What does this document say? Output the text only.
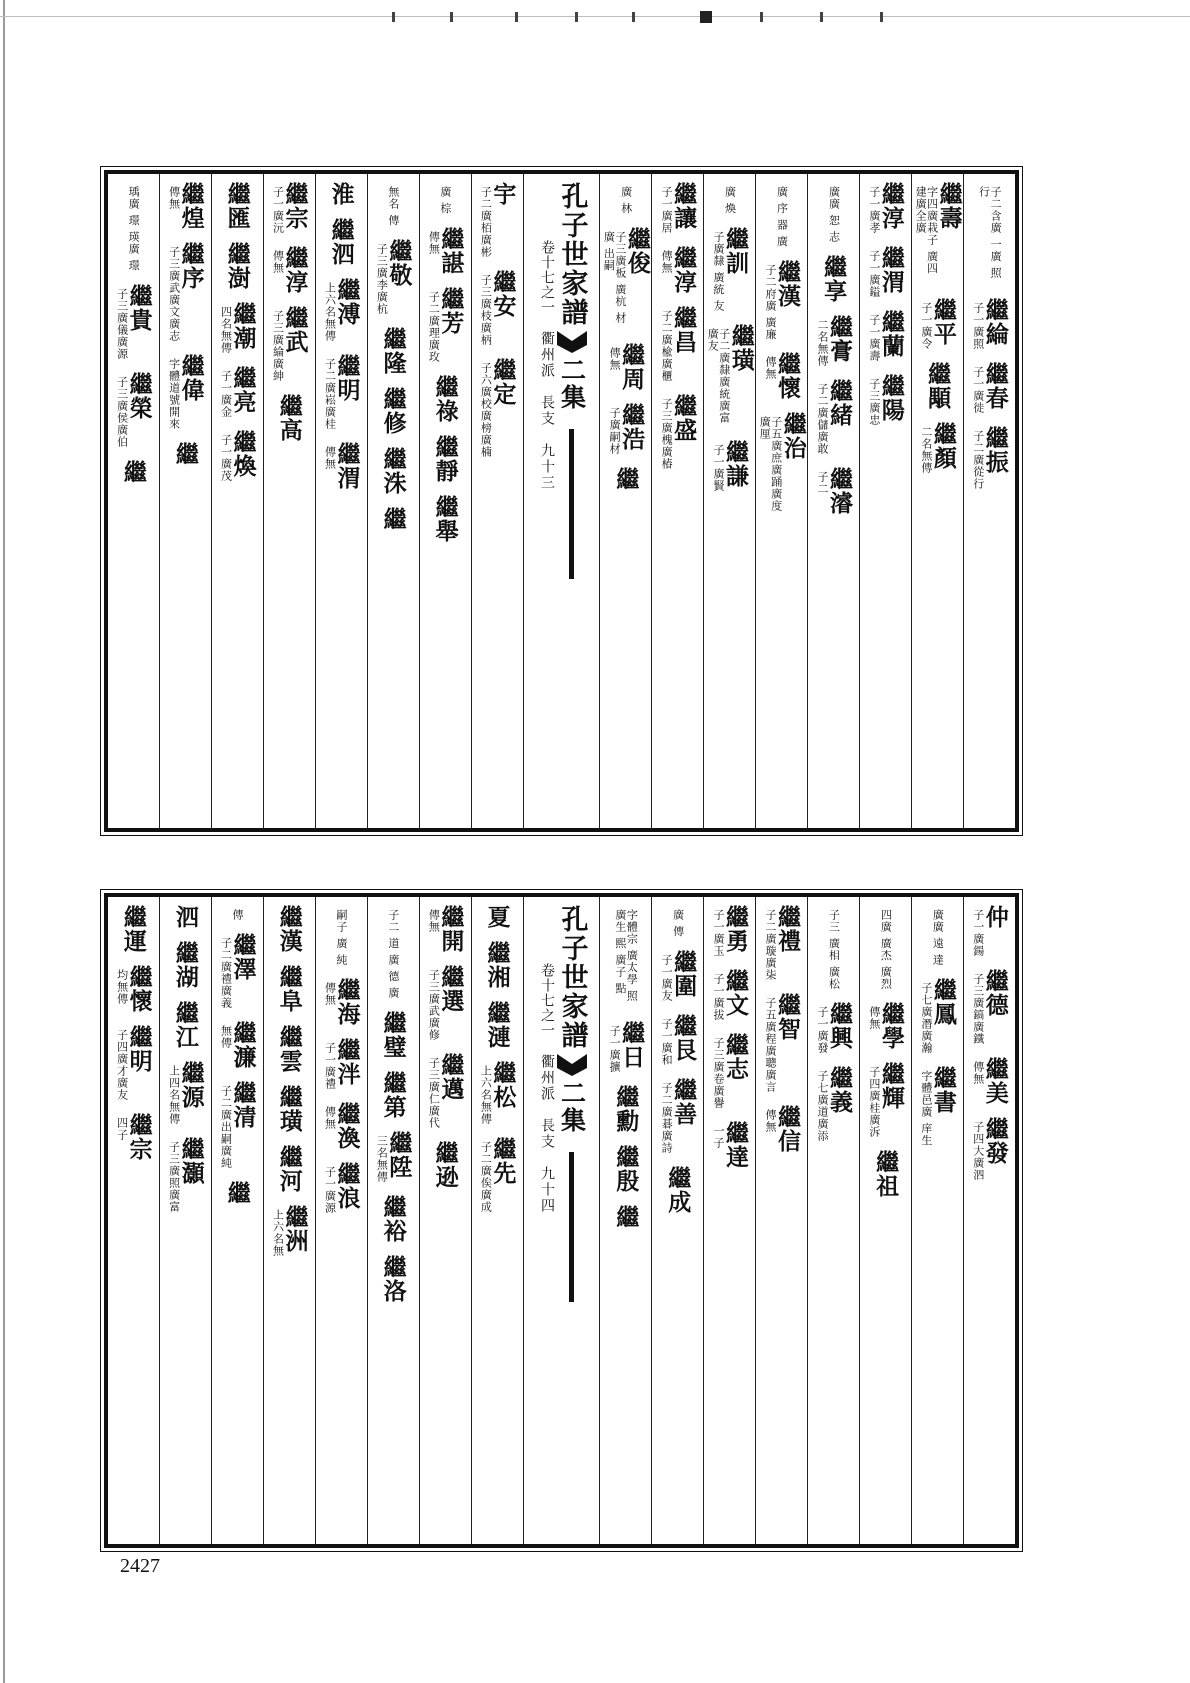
子二含廣 一廣 照 行
繼綸
子一廣照
繼春
子一廣徙
繼振
子二廣從行
繼壽
字四廣栽子 廣四建廣全廣
繼平
子一廣令
繼顒
繼顏
二名無傳
繼淳
子一廣孝
繼渭
子一廣鎰
繼蘭
子一廣壽
繼陽
子三廣忠
廣廣 恕 志
繼享
繼膏
二名無傳
繼緒
子二廣儲廣敢
繼濬
子二
廣 序 器 廣
繼漢
子二府廣 廣廉
繼懷
傳無
繼治
子五廣庶廣踊廣度廣厘
廣 煥
繼訓
子廣隸 廣統 友
繼璜
子二廣隸廣統廣富廣友
繼謙
子一廣賢
繼讓
子一廣居
繼淳
傳無
繼昌
子二廣楡廣櫃
繼盛
子三廣槐廣椿
廣 林
繼俊
子三廣板 廣杭 材廣 出嗣
繼周
傳無
繼浩
子廣嗣材
繼
孔子世家譜
二集
卷十七之一
衢州派　長支　九十三
宇
子二廣栢廣彬
繼安
子三廣枝廣柄
繼定
子六廣校廣榜廣楠
廣 棕
繼諶
傳無
繼芳
子二廣理廣玫
繼祿
繼靜
繼舉
無名 傳
繼敬
子三廣李廣杭
繼隆
繼修
繼洙
繼
淮
繼泗
繼溥
上六名無傳
繼明
子二廣崧廣桂
繼渭
傳無
繼宗
子一廣沅
繼淳
傳無
繼武
子三廣綸廣紳
繼高
繼匯
繼澍
繼潮
四名無傳
繼亮
子一廣金
繼煥
子一廣茂
繼煌
傳無
繼序
子三廣武廣文廣志
繼偉
字體道號開來
繼
瑀廣 璟 瑛廣 璟
繼貴
子三廣儀廣源
繼榮
子三廣侯廣伯
繼
仲
子一廣鍚
繼德
子三廣鎬廣鐵
繼美
傳無
繼發
子四大廣泗
廣廣 遠 達
繼鳳
子七廣潛廣瀚
繼書
字體邑廣 庠生
四廣 廣杰 廣烈
繼學
傳無
繼輝
子四廣桂廣泝
繼祖
子三 廣相 廣松
繼興
子一廣發
繼義
子七廣道廣添
繼禮
子二廣璇廣柒
繼智
子五廣程廣聰廣言
繼信
傳無
繼勇
子一廣玉
繼文
子一廣拔
繼志
子三廣卷廣譽
繼達
一子
廣 傳
繼圍
子一廣友
繼艮
子一廣和
繼善
子二廣碁廣詩
繼成
字體宗 廣太學 照 廣生 熙 廣子 點
繼日
子一廣擴
繼勳
繼殷
繼
孔子世家譜
二集
卷十七之一
衢州派　長支　九十四
夏
繼湘
繼漣
繼松
上六名無傳
繼先
子二廣俟廣成
繼開
傳無
繼選
子三廣武廣修
繼邁
子三廣仁廣代
繼逊
子二 道 廣 德 廣
繼璧
繼第
繼陞
三名無傳
繼裕
繼洛
嗣子 廣 純
繼海
傳無
繼泮
子一廣禮
繼渙
傳無
繼浪
子一廣源
繼漢
繼阜
繼雲
繼璜
繼河
繼洲
上六名無
傳
繼澤
子二廣禮廣義
繼濂
無傳
繼清
子二廣出嗣廣純
繼
泗
繼湖
繼江
繼源
上四名無傳
繼灝
子三廣照廣富
繼運
繼懷
均無傳
繼明
子四廣才廣友
繼宗
四子
2427
